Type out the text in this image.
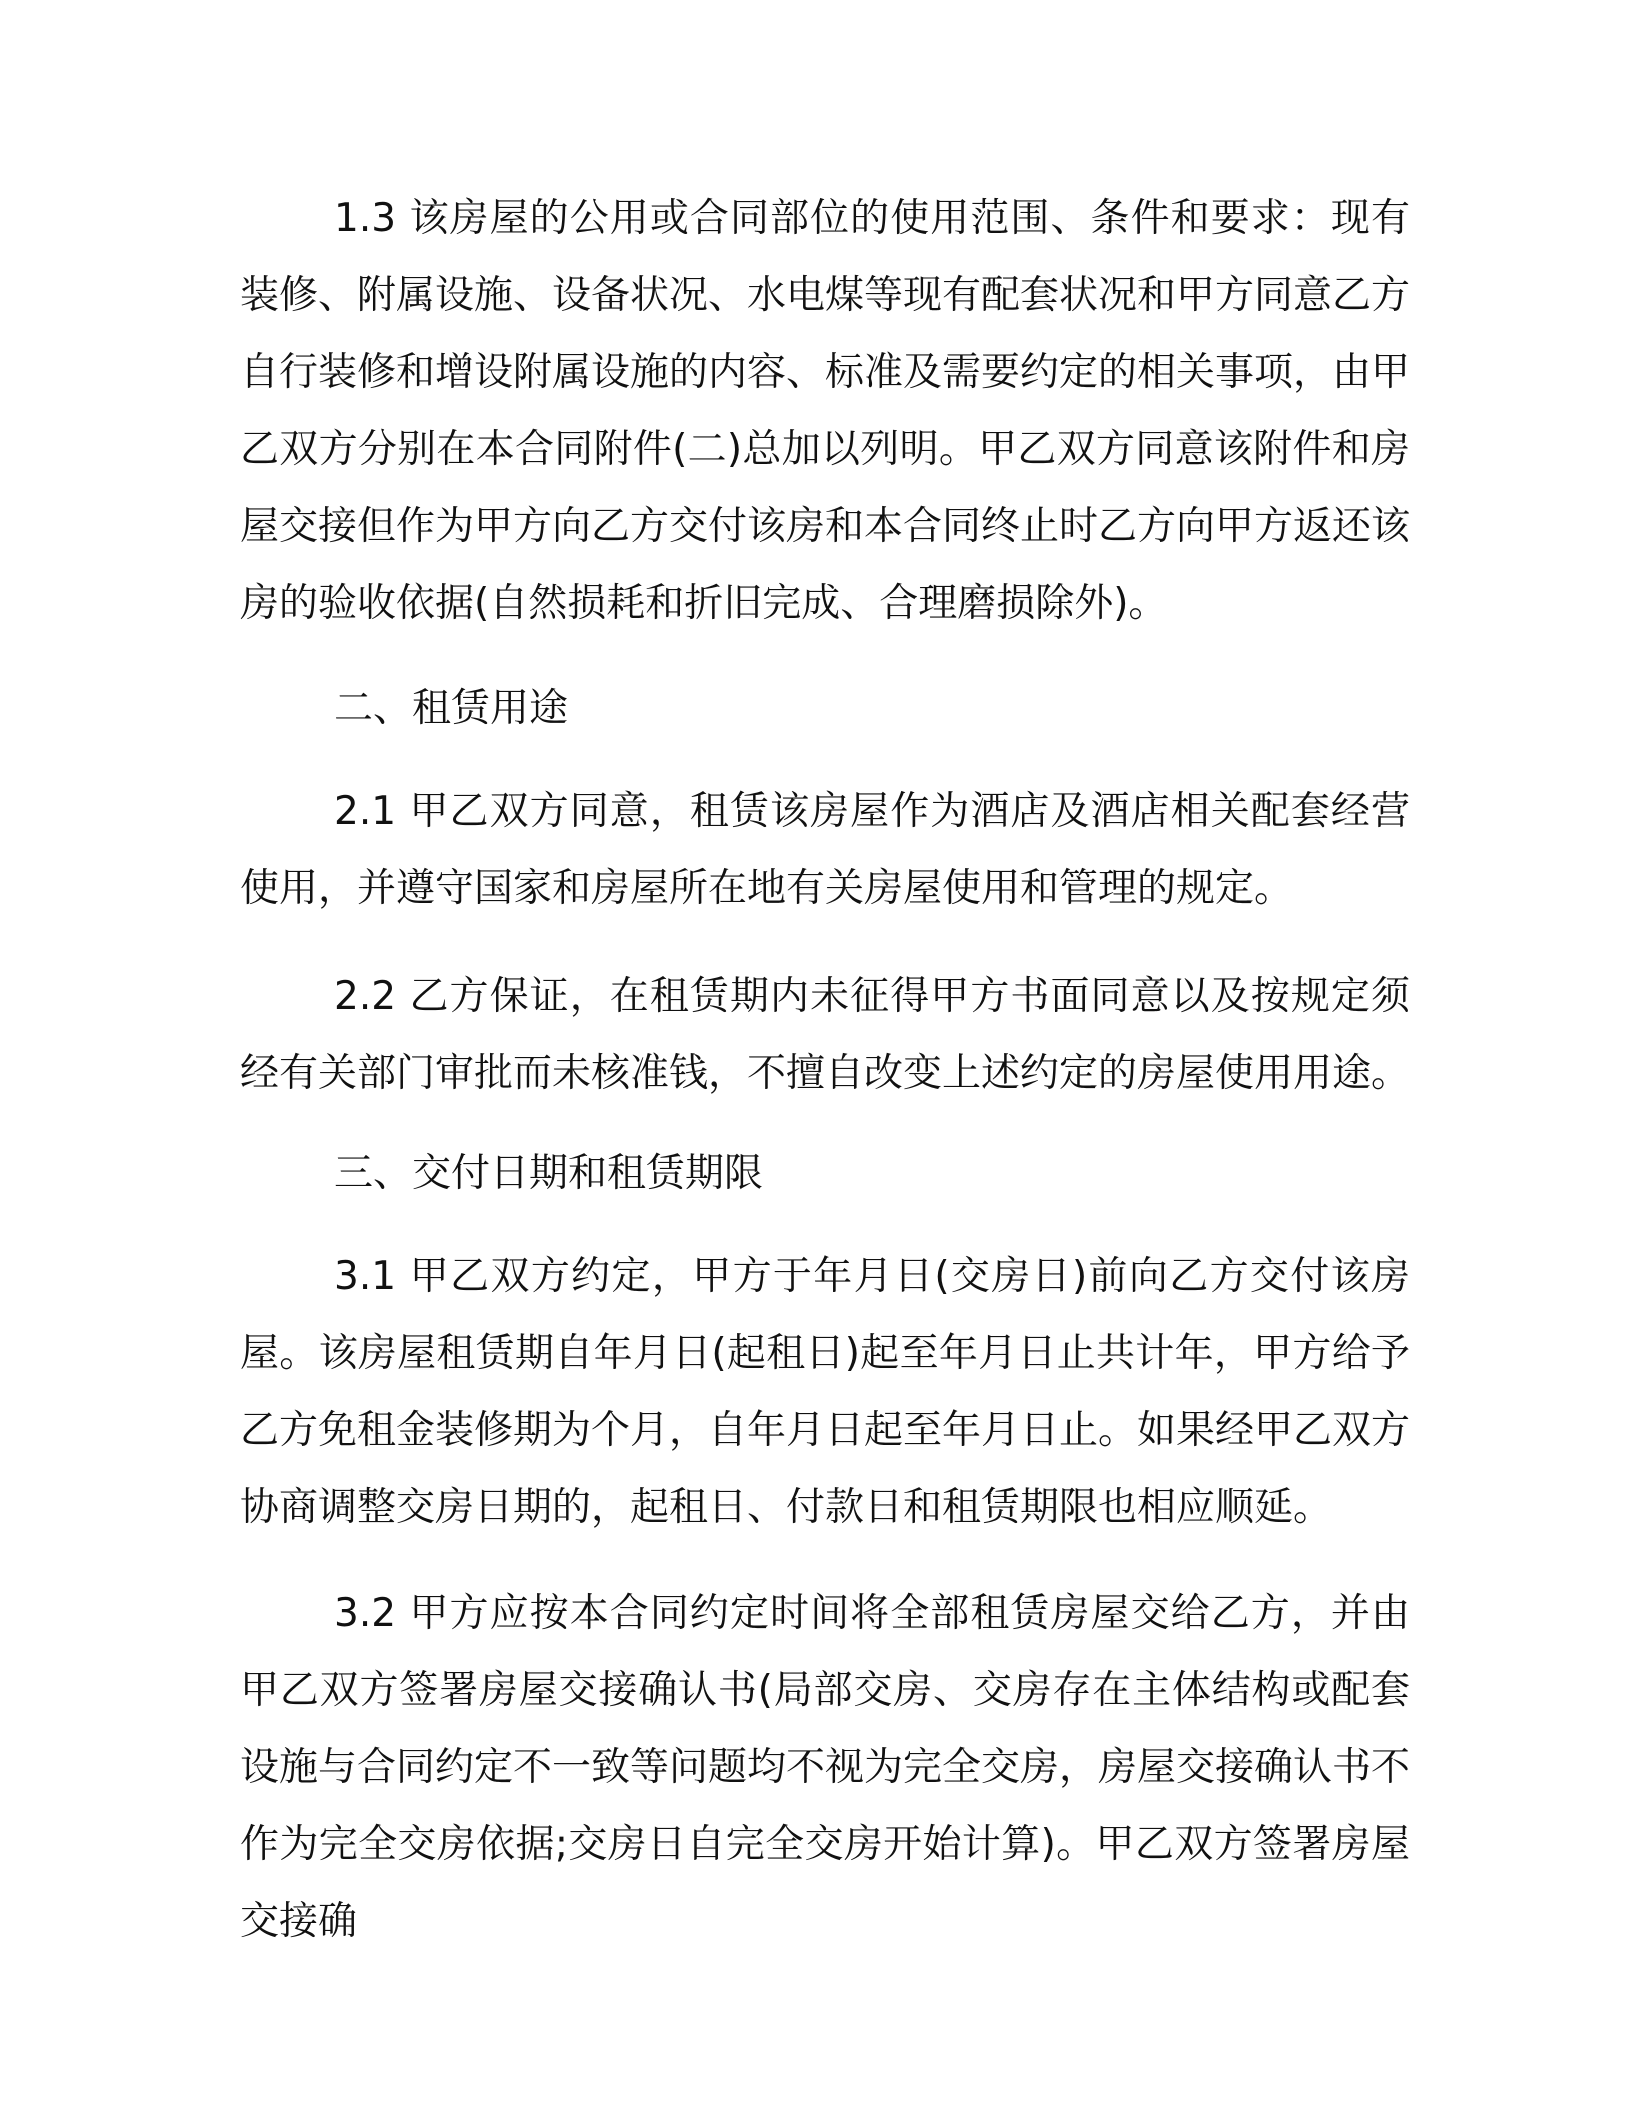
1.3 该房屋的公用或合同部位的使用范围、条件和要求：现有装修、附属设施、设备状况、水电煤等现有配套状况和甲方同意乙方自行装修和增设附属设施的内容、标准及需要约定的相关事项，由甲乙双方分别在本合同附件(二)总加以列明。甲乙双方同意该附件和房屋交接但作为甲方向乙方交付该房和本合同终止时乙方向甲方返还该房的验收依据(自然损耗和折旧完成、合理磨损除外)。

二、租赁用途

2.1 甲乙双方同意，租赁该房屋作为酒店及酒店相关配套经营使用，并遵守国家和房屋所在地有关房屋使用和管理的规定。

2.2 乙方保证，在租赁期内未征得甲方书面同意以及按规定须经有关部门审批而未核准钱，不擅自改变上述约定的房屋使用用途。

三、交付日期和租赁期限

3.1 甲乙双方约定，甲方于年月日(交房日)前向乙方交付该房屋。该房屋租赁期自年月日(起租日)起至年月日止共计年，甲方给予乙方免租金装修期为个月，自年月日起至年月日止。如果经甲乙双方协商调整交房日期的，起租日、付款日和租赁期限也相应顺延。

3.2 甲方应按本合同约定时间将全部租赁房屋交给乙方，并由甲乙双方签署房屋交接确认书(局部交房、交房存在主体结构或配套设施与合同约定不一致等问题均不视为完全交房，房屋交接确认书不作为完全交房依据;交房日自完全交房开始计算)。甲乙双方签署房屋交接确
